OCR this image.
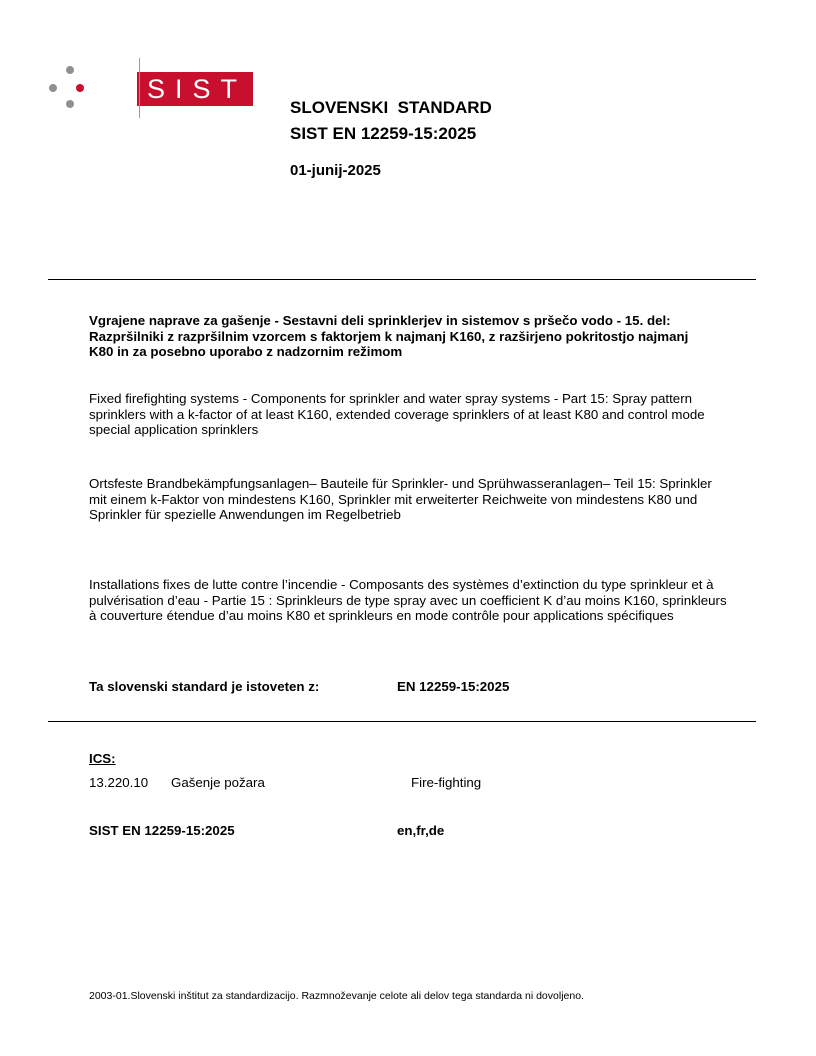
SIST
SLOVENSKI  STANDARD
SIST EN 12259-15:2025
01-junij-2025
Vgrajene naprave za gašenje - Sestavni deli sprinklerjev in sistemov s pršečo vodo - 15. del: Razpršilniki z razpršilnim vzorcem s faktorjem k najmanj K160, z razširjeno pokritostjo najmanj K80 in za posebno uporabo z nadzornim režimom
Fixed firefighting systems - Components for sprinkler and water spray systems - Part 15: Spray pattern sprinklers with a k-factor of at least K160, extended coverage sprinklers of at least K80 and control mode special application sprinklers
Ortsfeste Brandbekämpfungsanlagen– Bauteile für Sprinkler- und Sprühwasseranlagen– Teil 15: Sprinkler mit einem k-Faktor von mindestens K160, Sprinkler mit erweiterter Reichweite von mindestens K80 und Sprinkler für spezielle Anwendungen im Regelbetrieb
Installations fixes de lutte contre l’incendie - Composants des systèmes d’extinction du type sprinkleur et à pulvérisation d’eau - Partie 15 : Sprinkleurs de type spray avec un coefficient K d’au moins K160, sprinkleurs à couverture étendue d’au moins K80 et sprinkleurs en mode contrôle pour applications spécifiques
Ta slovenski standard je istoveten z:	EN 12259-15:2025
ICS:
13.220.10 Gašenje požara	Fire-fighting
SIST EN 12259-15:2025	en,fr,de
2003-01.Slovenski inštitut za standardizacijo. Razmnoževanje celote ali delov tega standarda ni dovoljeno.
